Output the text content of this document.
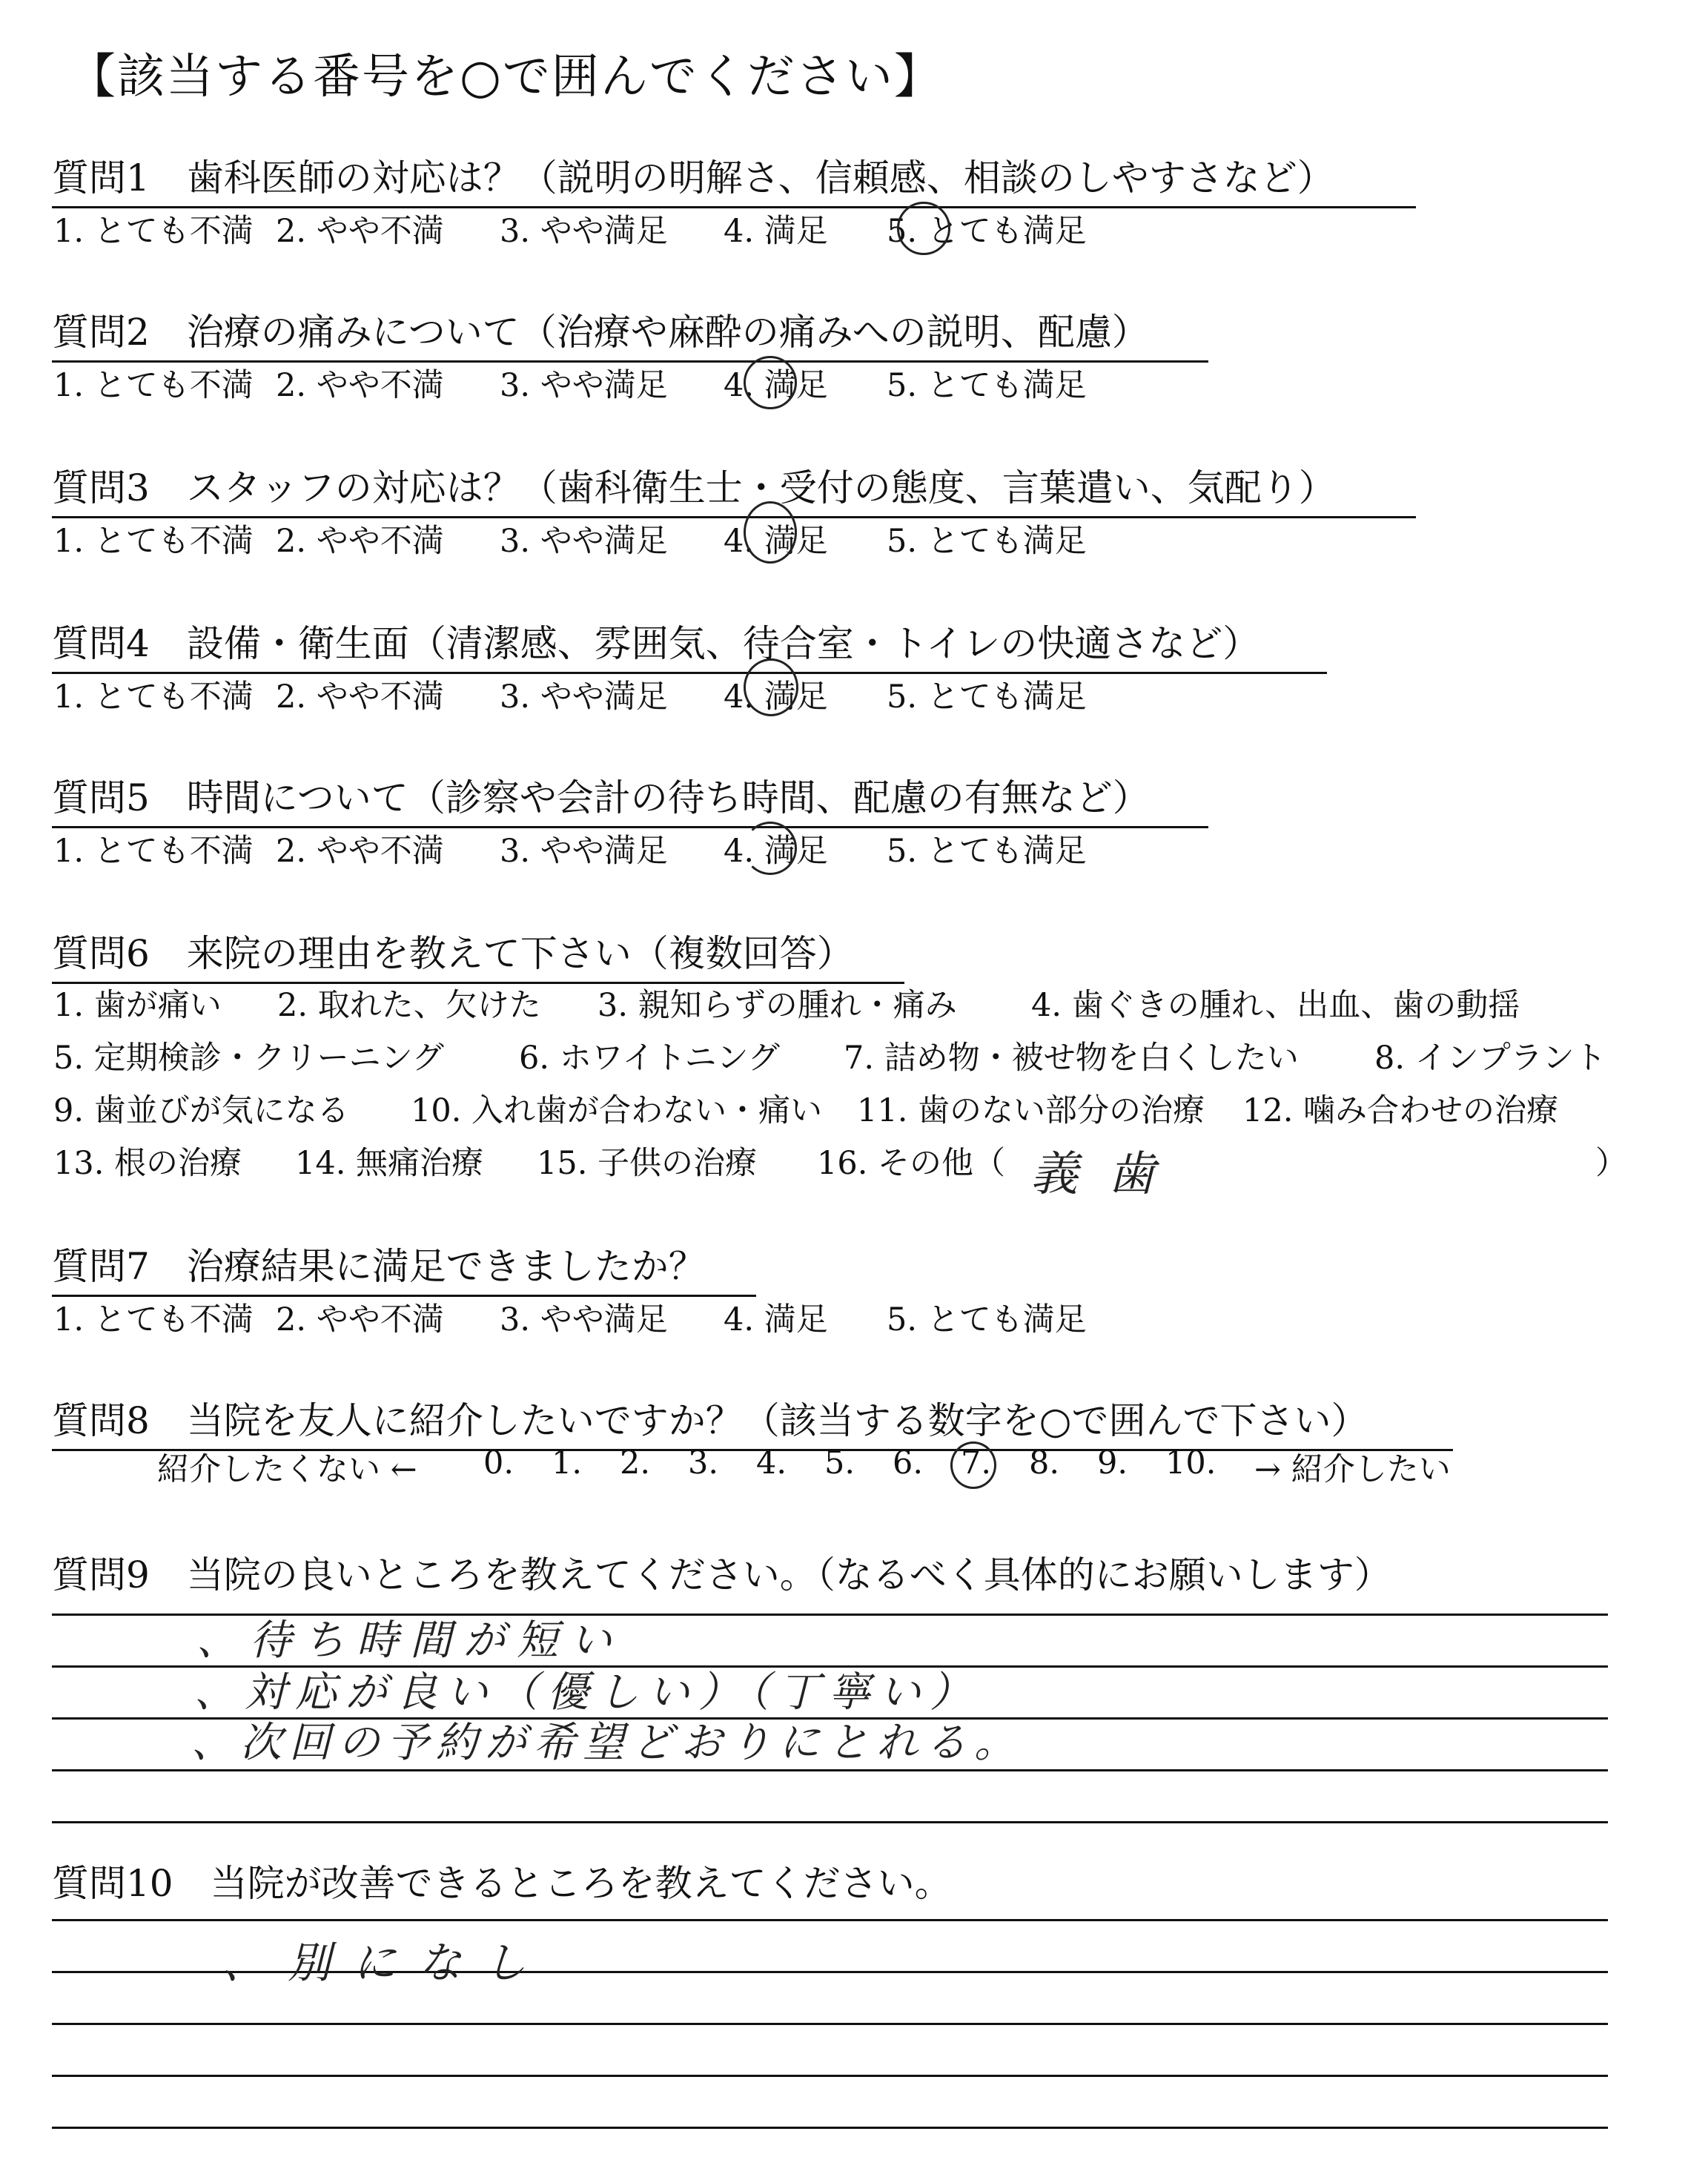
【該当する番号を○で囲んでください】
質問1　歯科医師の対応は？（説明の明解さ、信頼感、相談のしやすさなど）
1. とても不満 2. やや不満	3. やや満足	4. 満足	5. とても満足
質問2　治療の痛みについて（治療や麻酔の痛みへの説明、配慮）
1. とても不満 2. やや不満	3. やや満足	4. 満足	5. とても満足
質問3　スタッフの対応は？（歯科衛生士・受付の態度、言葉遣い、気配り）
1. とても不満 2. やや不満	3. やや満足	4. 満足	5. とても満足
質問4　設備・衛生面（清潔感、雰囲気、待合室・トイレの快適さなど）
1. とても不満 2. やや不満	3. やや満足	4. 満足	5. とても満足
質問5　時間について（診察や会計の待ち時間、配慮の有無など）
1. とても不満 2. やや不満	3. やや満足	4. 満足	5. とても満足
質問6　来院の理由を教えて下さい（複数回答）
1. 歯が痛い	2. 取れた、欠けた	3. 親知らずの腫れ・痛み	4. 歯ぐきの腫れ、出血、歯の動揺
5. 定期検診・クリーニング	6. ホワイトニング	7. 詰め物・被せ物を白くしたい	8. インプラント
9. 歯並びが気になる	10. 入れ歯が合わない・痛い	11. 歯のない部分の治療	12. 噛み合わせの治療
13. 根の治療	14. 無痛治療	15. 子供の治療	16. その他（ 義歯	）
質問7　治療結果に満足できましたか？
1. とても不満 2. やや不満	3. やや満足	4. 満足	5. とても満足
質問8　当院を友人に紹介したいですか？（該当する数字を○で囲んで下さい）
紹介したくない ←	0.	1.	2.	3.	4.	5.	6.	7.	8.	9.	10.	→ 紹介したい
質問9　当院の良いところを教えてください。（なるべく具体的にお願いします）
、待ち時間が短い
、対応が良い（優しい）（丁寧い）
、次回の予約が希望どおりにとれる。
質問10　当院が改善できるところを教えてください。
、別になし
